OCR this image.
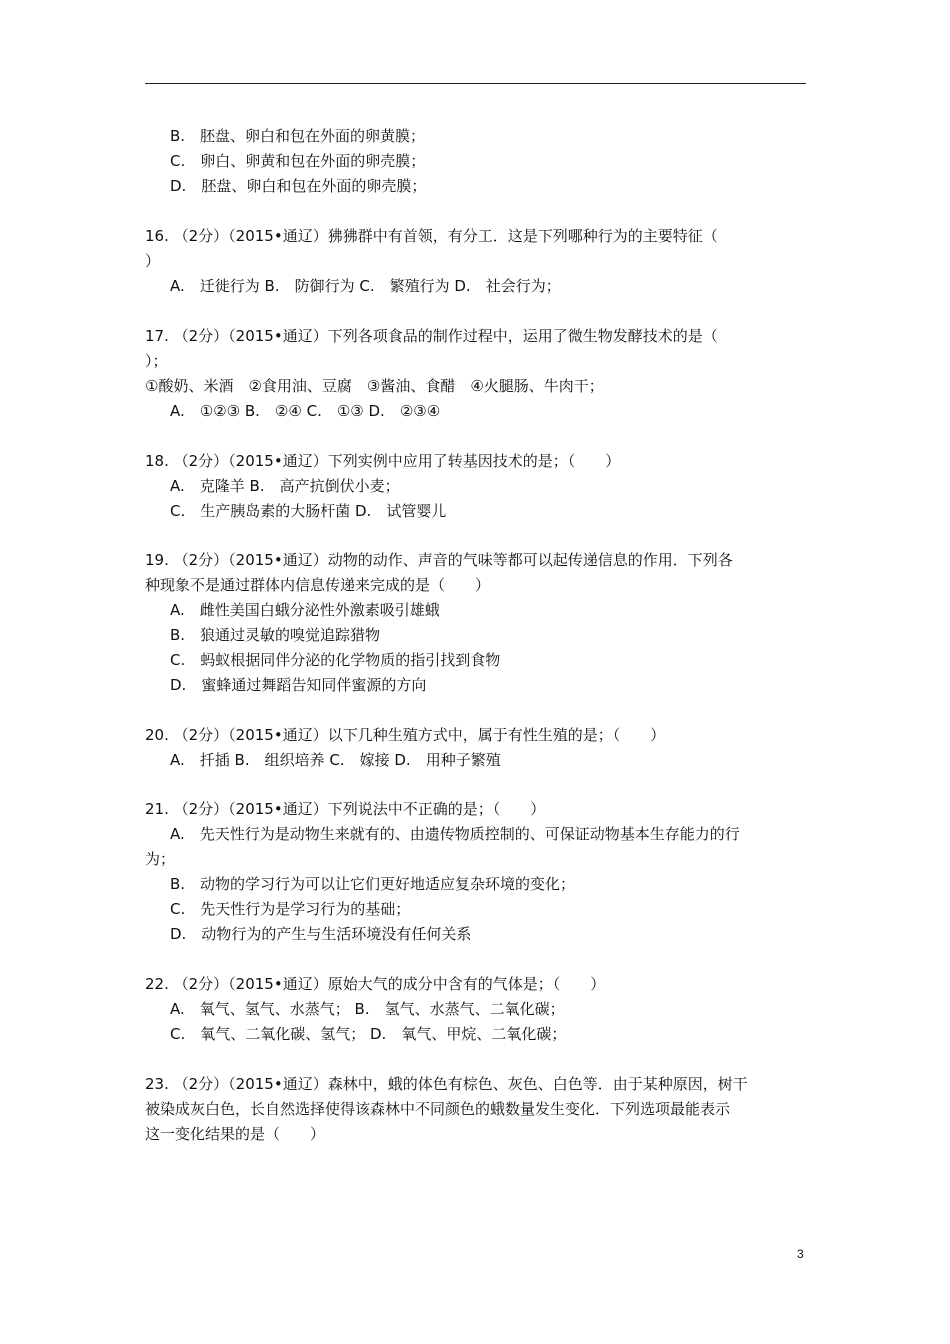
B.　胚盘、卵白和包在外面的卵黄膜；
C.　卵白、卵黄和包在外面的卵壳膜；
D.　胚盘、卵白和包在外面的卵壳膜；
16. （2分）（2015•通辽）狒狒群中有首领，有分工．这是下列哪种行为的主要特征（
）
A.　迁徙行为 B.　防御行为 C.　繁殖行为 D.　社会行为；
17. （2分）（2015•通辽）下列各项食品的制作过程中，运用了微生物发酵技术的是（
）；
①酸奶、米酒　②食用油、豆腐　③酱油、食醋　④火腿肠、牛肉干；
A.　①②③ B.　②④ C.　①③ D.　②③④
18. （2分）（2015•通辽）下列实例中应用了转基因技术的是；（　　）
A.　克隆羊 B.　高产抗倒伏小麦；
C.　生产胰岛素的大肠杆菌 D.　试管婴儿
19. （2分）（2015•通辽）动物的动作、声音的气味等都可以起传递信息的作用．下列各
种现象不是通过群体内信息传递来完成的是（　　）
A.　雌性美国白蛾分泌性外激素吸引雄蛾
B.　狼通过灵敏的嗅觉追踪猎物
C.　蚂蚁根据同伴分泌的化学物质的指引找到食物
D.　蜜蜂通过舞蹈告知同伴蜜源的方向
20. （2分）（2015•通辽）以下几种生殖方式中，属于有性生殖的是；（　　）
A.　扦插 B.　组织培养 C.　嫁接 D.　用种子繁殖
21. （2分）（2015•通辽）下列说法中不正确的是；（　　）
A.　先天性行为是动物生来就有的、由遗传物质控制的、可保证动物基本生存能力的行
为；
B.　动物的学习行为可以让它们更好地适应复杂环境的变化；
C.　先天性行为是学习行为的基础；
D.　动物行为的产生与生活环境没有任何关系
22. （2分）（2015•通辽）原始大气的成分中含有的气体是；（　　）
A.　氧气、氢气、水蒸气； B.　氢气、水蒸气、二氧化碳；
C.　氧气、二氧化碳、氢气； D.　氧气、甲烷、二氧化碳；
23. （2分）（2015•通辽）森林中，蛾的体色有棕色、灰色、白色等．由于某种原因，树干
被染成灰白色，长自然选择使得该森林中不同颜色的蛾数量发生变化．下列选项最能表示
这一变化结果的是（　　）
3
